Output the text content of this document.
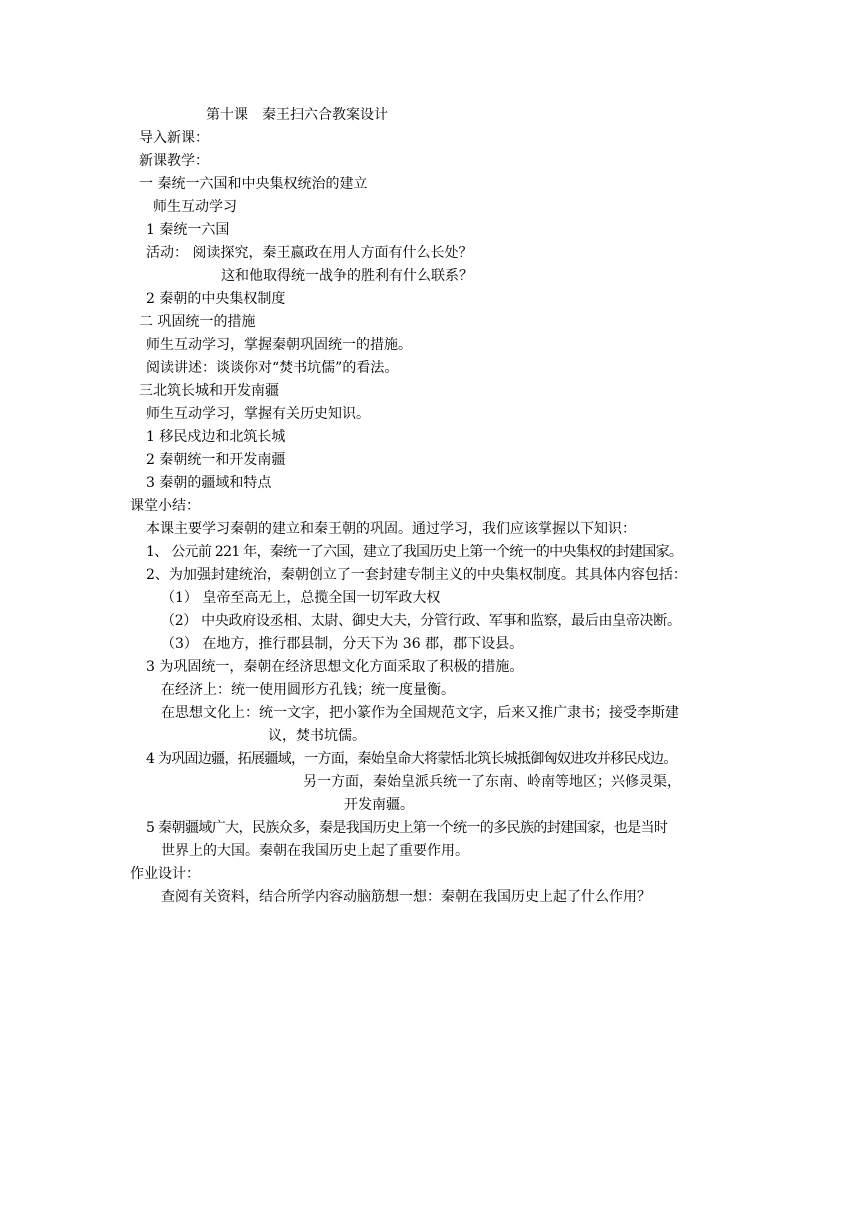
第十课　秦王扫六合教案设计
导入新课：
新课教学：
一 秦统一六国和中央集权统治的建立
师生互动学习
1 秦统一六国
活动： 阅读探究，秦王嬴政在用人方面有什么长处？
这和他取得统一战争的胜利有什么联系？
2 秦朝的中央集权制度
二 巩固统一的措施
师生互动学习，掌握秦朝巩固统一的措施。
阅读讲述：谈谈你对“焚书坑儒”的看法。
三北筑长城和开发南疆
师生互动学习，掌握有关历史知识。
1 移民戍边和北筑长城
2 秦朝统一和开发南疆
3 秦朝的疆域和特点
课堂小结：
本课主要学习秦朝的建立和秦王朝的巩固。通过学习，我们应该掌握以下知识：
1、 公元前 221 年，秦统一了六国，建立了我国历史上第一个统一的中央集权的封建国家。
2、为加强封建统治，秦朝创立了一套封建专制主义的中央集权制度。其具体内容包括：
（1） 皇帝至高无上，总揽全国一切军政大权
（2） 中央政府设丞相、太尉、御史大夫，分管行政、军事和监察，最后由皇帝决断。
（3） 在地方，推行郡县制，分天下为 36 郡，郡下设县。
3 为巩固统一，秦朝在经济思想文化方面采取了积极的措施。
在经济上：统一使用圆形方孔钱；统一度量衡。
在思想文化上：统一文字，把小篆作为全国规范文字，后来又推广隶书；接受李斯建
议，焚书坑儒。
4 为巩固边疆，拓展疆域，一方面，秦始皇命大将蒙恬北筑长城抵御匈奴进攻并移民戍边。
另一方面，秦始皇派兵统一了东南、岭南等地区；兴修灵渠，
开发南疆。
5 秦朝疆域广大，民族众多，秦是我国历史上第一个统一的多民族的封建国家，也是当时
世界上的大国。秦朝在我国历史上起了重要作用。
作业设计：
查阅有关资料，结合所学内容动脑筋想一想：秦朝在我国历史上起了什么作用？
